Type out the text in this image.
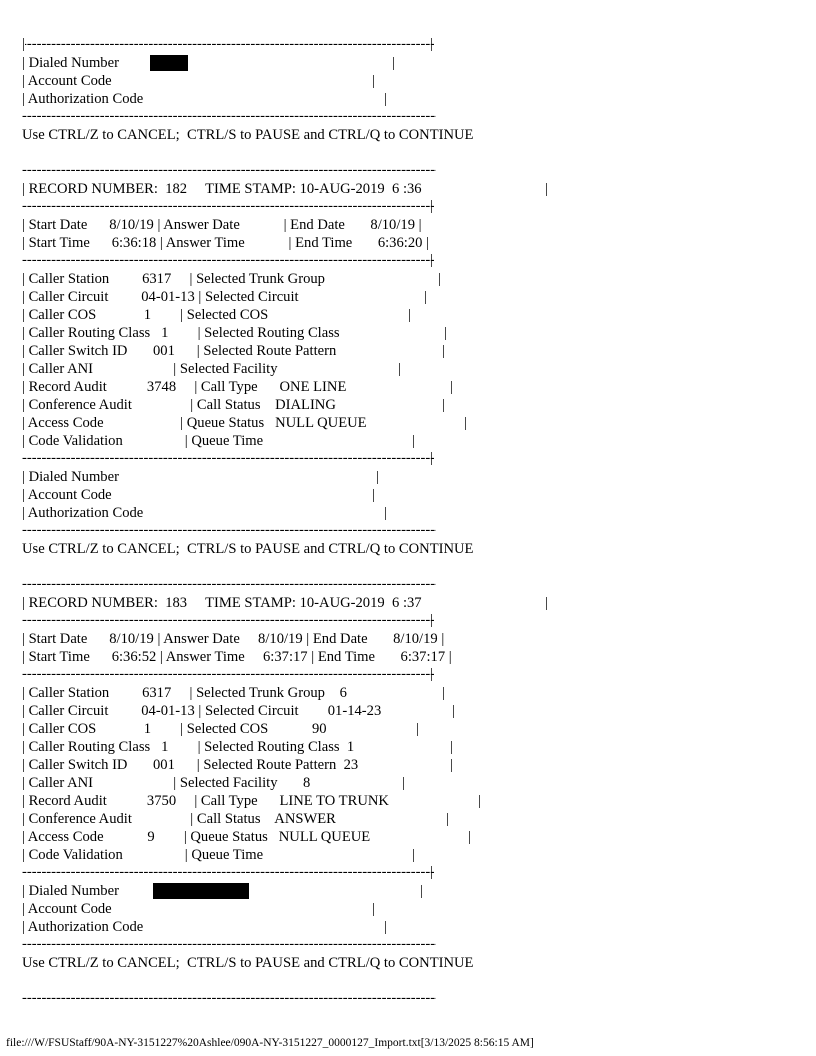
-----
|
|

| Dialed Number

	|

| Account Code

	|

| Authorization Code

	|

-----
Use CTRL/Z to CANCEL;  CTRL/S to PAUSE and CTRL/Q to CONTINUE
-----

| RECORD NUMBER:  182     TIME STAMP: 10-AUG-2019  6 :36

	|

-----
|
| Start Date      8/10/19 | Answer Date            | End Date       8/10/19 |
| Start Time      6:36:18 | Answer Time            | End Time       6:36:20 |
-----
|
| Caller Station         6317     | Selected Trunk Group	|
| Caller Circuit         04-01-13 | Selected Circuit	|
| Caller COS             1        | Selected COS	|
| Caller Routing Class   1        | Selected Routing Class	|
| Caller Switch ID       001      | Selected Route Pattern	|
| Caller ANI                      | Selected Facility	|
| Record Audit           3748     | Call Type      ONE LINE	|
| Conference Audit                | Call Status    DIALING	|
| Access Code                     | Queue Status   NULL QUEUE	|
| Code Validation                 | Queue Time	|
-----
|

| Dialed Number

	|

| Account Code

	|

| Authorization Code

	|

-----
Use CTRL/Z to CANCEL;  CTRL/S to PAUSE and CTRL/Q to CONTINUE
-----

| RECORD NUMBER:  183     TIME STAMP: 10-AUG-2019  6 :37

	|

-----
|
| Start Date      8/10/19 | Answer Date     8/10/19 | End Date       8/10/19 |
| Start Time      6:36:52 | Answer Time     6:37:17 | End Time       6:37:17 |
-----
|
| Caller Station         6317     | Selected Trunk Group    6	|
| Caller Circuit         04-01-13 | Selected Circuit        01-14-23	|
| Caller COS             1        | Selected COS            90	|
| Caller Routing Class   1        | Selected Routing Class  1	|
| Caller Switch ID       001      | Selected Route Pattern  23	|
| Caller ANI                      | Selected Facility       8	|
| Record Audit           3750     | Call Type      LINE TO TRUNK	|
| Conference Audit                | Call Status    ANSWER	|
| Access Code            9        | Queue Status   NULL QUEUE	|
| Code Validation                 | Queue Time	|
-----
|

| Dialed Number

	|

| Account Code

	|

| Authorization Code

	|

-----
Use CTRL/Z to CANCEL;  CTRL/S to PAUSE and CTRL/Q to CONTINUE
-----
file:///W/FSUStaff/90A-NY-3151227%20Ashlee/090A-NY-3151227_0000127_Import.txt[3/13/2025 8:56:15 AM]
